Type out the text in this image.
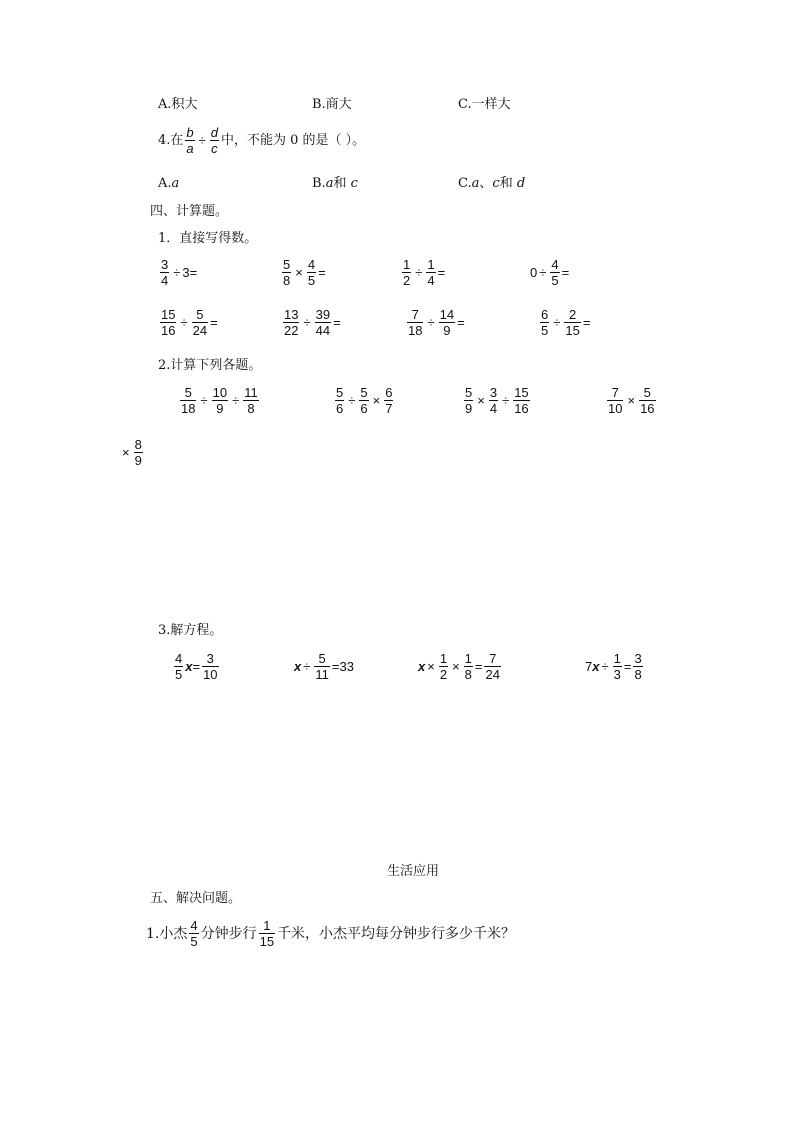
A.积大	B.商大	C.一样大
4.在 $\frac{b}{a} \div \frac{d}{c}$ 中，不能为 0 的是（ ）。
A.a	B.a和 c	C.a、c和 d
四、计算题。
1．直接写得数。
$\frac{3}{4} \div 3=$	$\frac{5}{8} \times \frac{4}{5}$ =	$\frac{1}{2} \div \frac{1}{4}$ =	$0 \div \frac{4}{5}$ =
$\frac{15}{16} \div \frac{5}{24}$ =	$\frac{13}{22} \div \frac{39}{44}$ =	$\frac{7}{18} \div \frac{14}{9}$ =	$\frac{6}{5} \div \frac{2}{15}$ =
2.计算下列各题。
$\frac{5}{18} \div \frac{10}{9} \div \frac{11}{8}$	$\frac{5}{6} \div \frac{5}{6} \times \frac{6}{7}$	$\frac{5}{9} \times \frac{3}{4} \div \frac{15}{16}$	$\frac{7}{10} \times \frac{5}{16}$
× $\frac{8}{9}$
3.解方程。
$\frac{4}{5}$ $x = \frac{3}{10}$	$x \div \frac{5}{11} =33$	$x \times \frac{1}{2} \times \frac{1}{8} = \frac{7}{24}$	7 $x \div \frac{1}{3} = \frac{3}{8}$
生活应用
五、解决问题。
1.小杰 $\frac{4}{5}$ 分钟步行 $\frac{1}{15}$ 千米，小杰平均每分钟步行多少千米？
